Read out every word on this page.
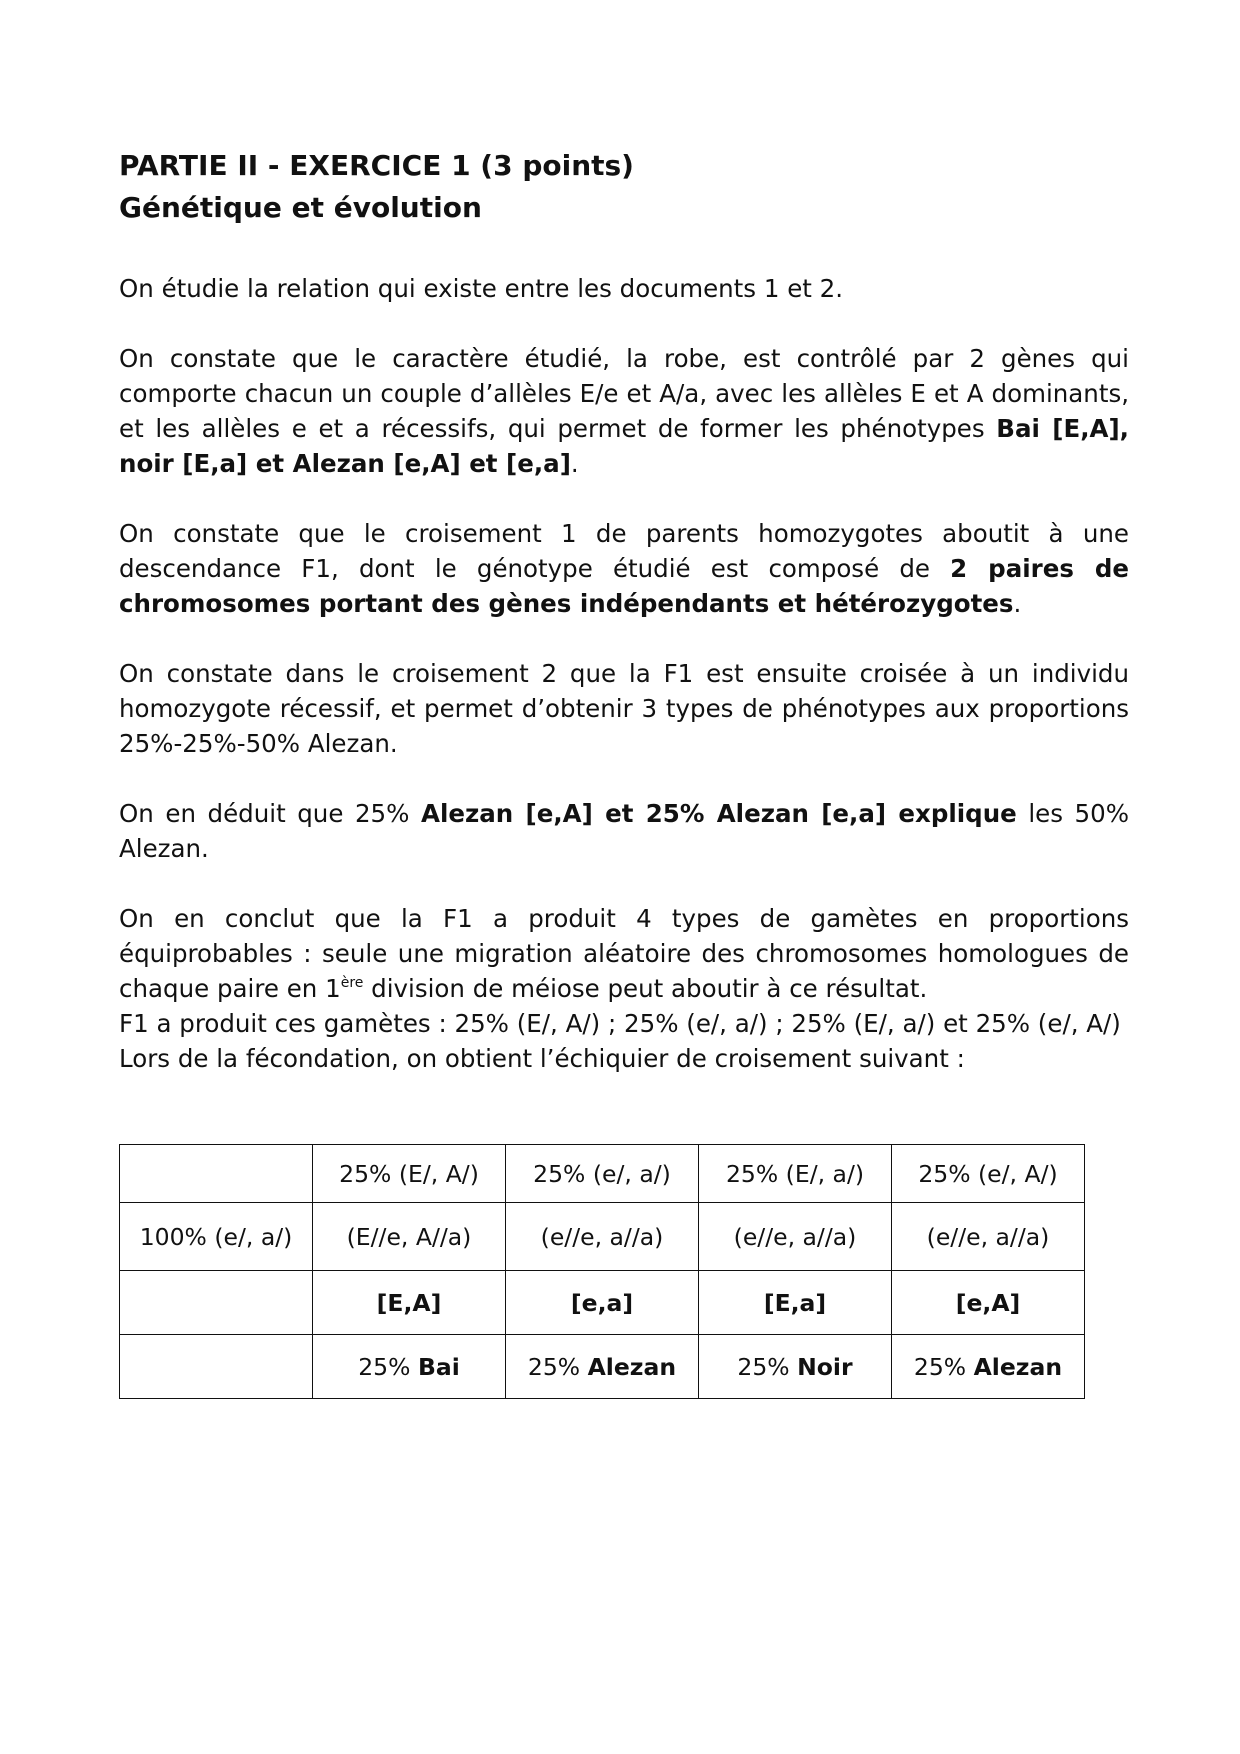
PARTIE II - EXERCICE 1 (3 points)
Génétique et évolution

On étudie la relation qui existe entre les documents 1 et 2.

On constate que le caractère étudié, la robe, est contrôlé par 2 gènes qui comporte chacun un couple d’allèles E/e et A/a, avec les allèles E et A dominants, et les allèles e et a récessifs, qui permet de former les phénotypes Bai [E,A], noir [E,a] et Alezan [e,A] et [e,a].

On constate que le croisement 1 de parents homozygotes aboutit à une descendance F1, dont le génotype étudié est composé de 2 paires de chromosomes portant des gènes indépendants et hétérozygotes.

On constate dans le croisement 2 que la F1 est ensuite croisée à un individu homozygote récessif, et permet d’obtenir 3 types de phénotypes aux proportions 25%-25%-50% Alezan.

On en déduit que 25% Alezan [e,A] et 25% Alezan [e,a] explique les 50% Alezan.

On en conclut que la F1 a produit 4 types de gamètes en proportions équiprobables : seule une migration aléatoire des chromosomes homologues de chaque paire en 1ère division de méiose peut aboutir à ce résultat.

F1 a produit ces gamètes : 25% (E/, A/) ; 25% (e/, a/) ; 25% (E/, a/) et 25% (e/, A/)

Lors de la fécondation, on obtient l’échiquier de croisement suivant :

	25% (E/, A/)	25% (e/, a/)	25% (E/, a/)	25% (e/, A/)
100% (e/, a/)	(E//e, A//a)	(e//e, a//a)	(e//e, a//a)	(e//e, a//a)
	[E,A]	[e,a]	[E,a]	[e,A]
	25% Bai	25% Alezan	25% Noir	25% Alezan
